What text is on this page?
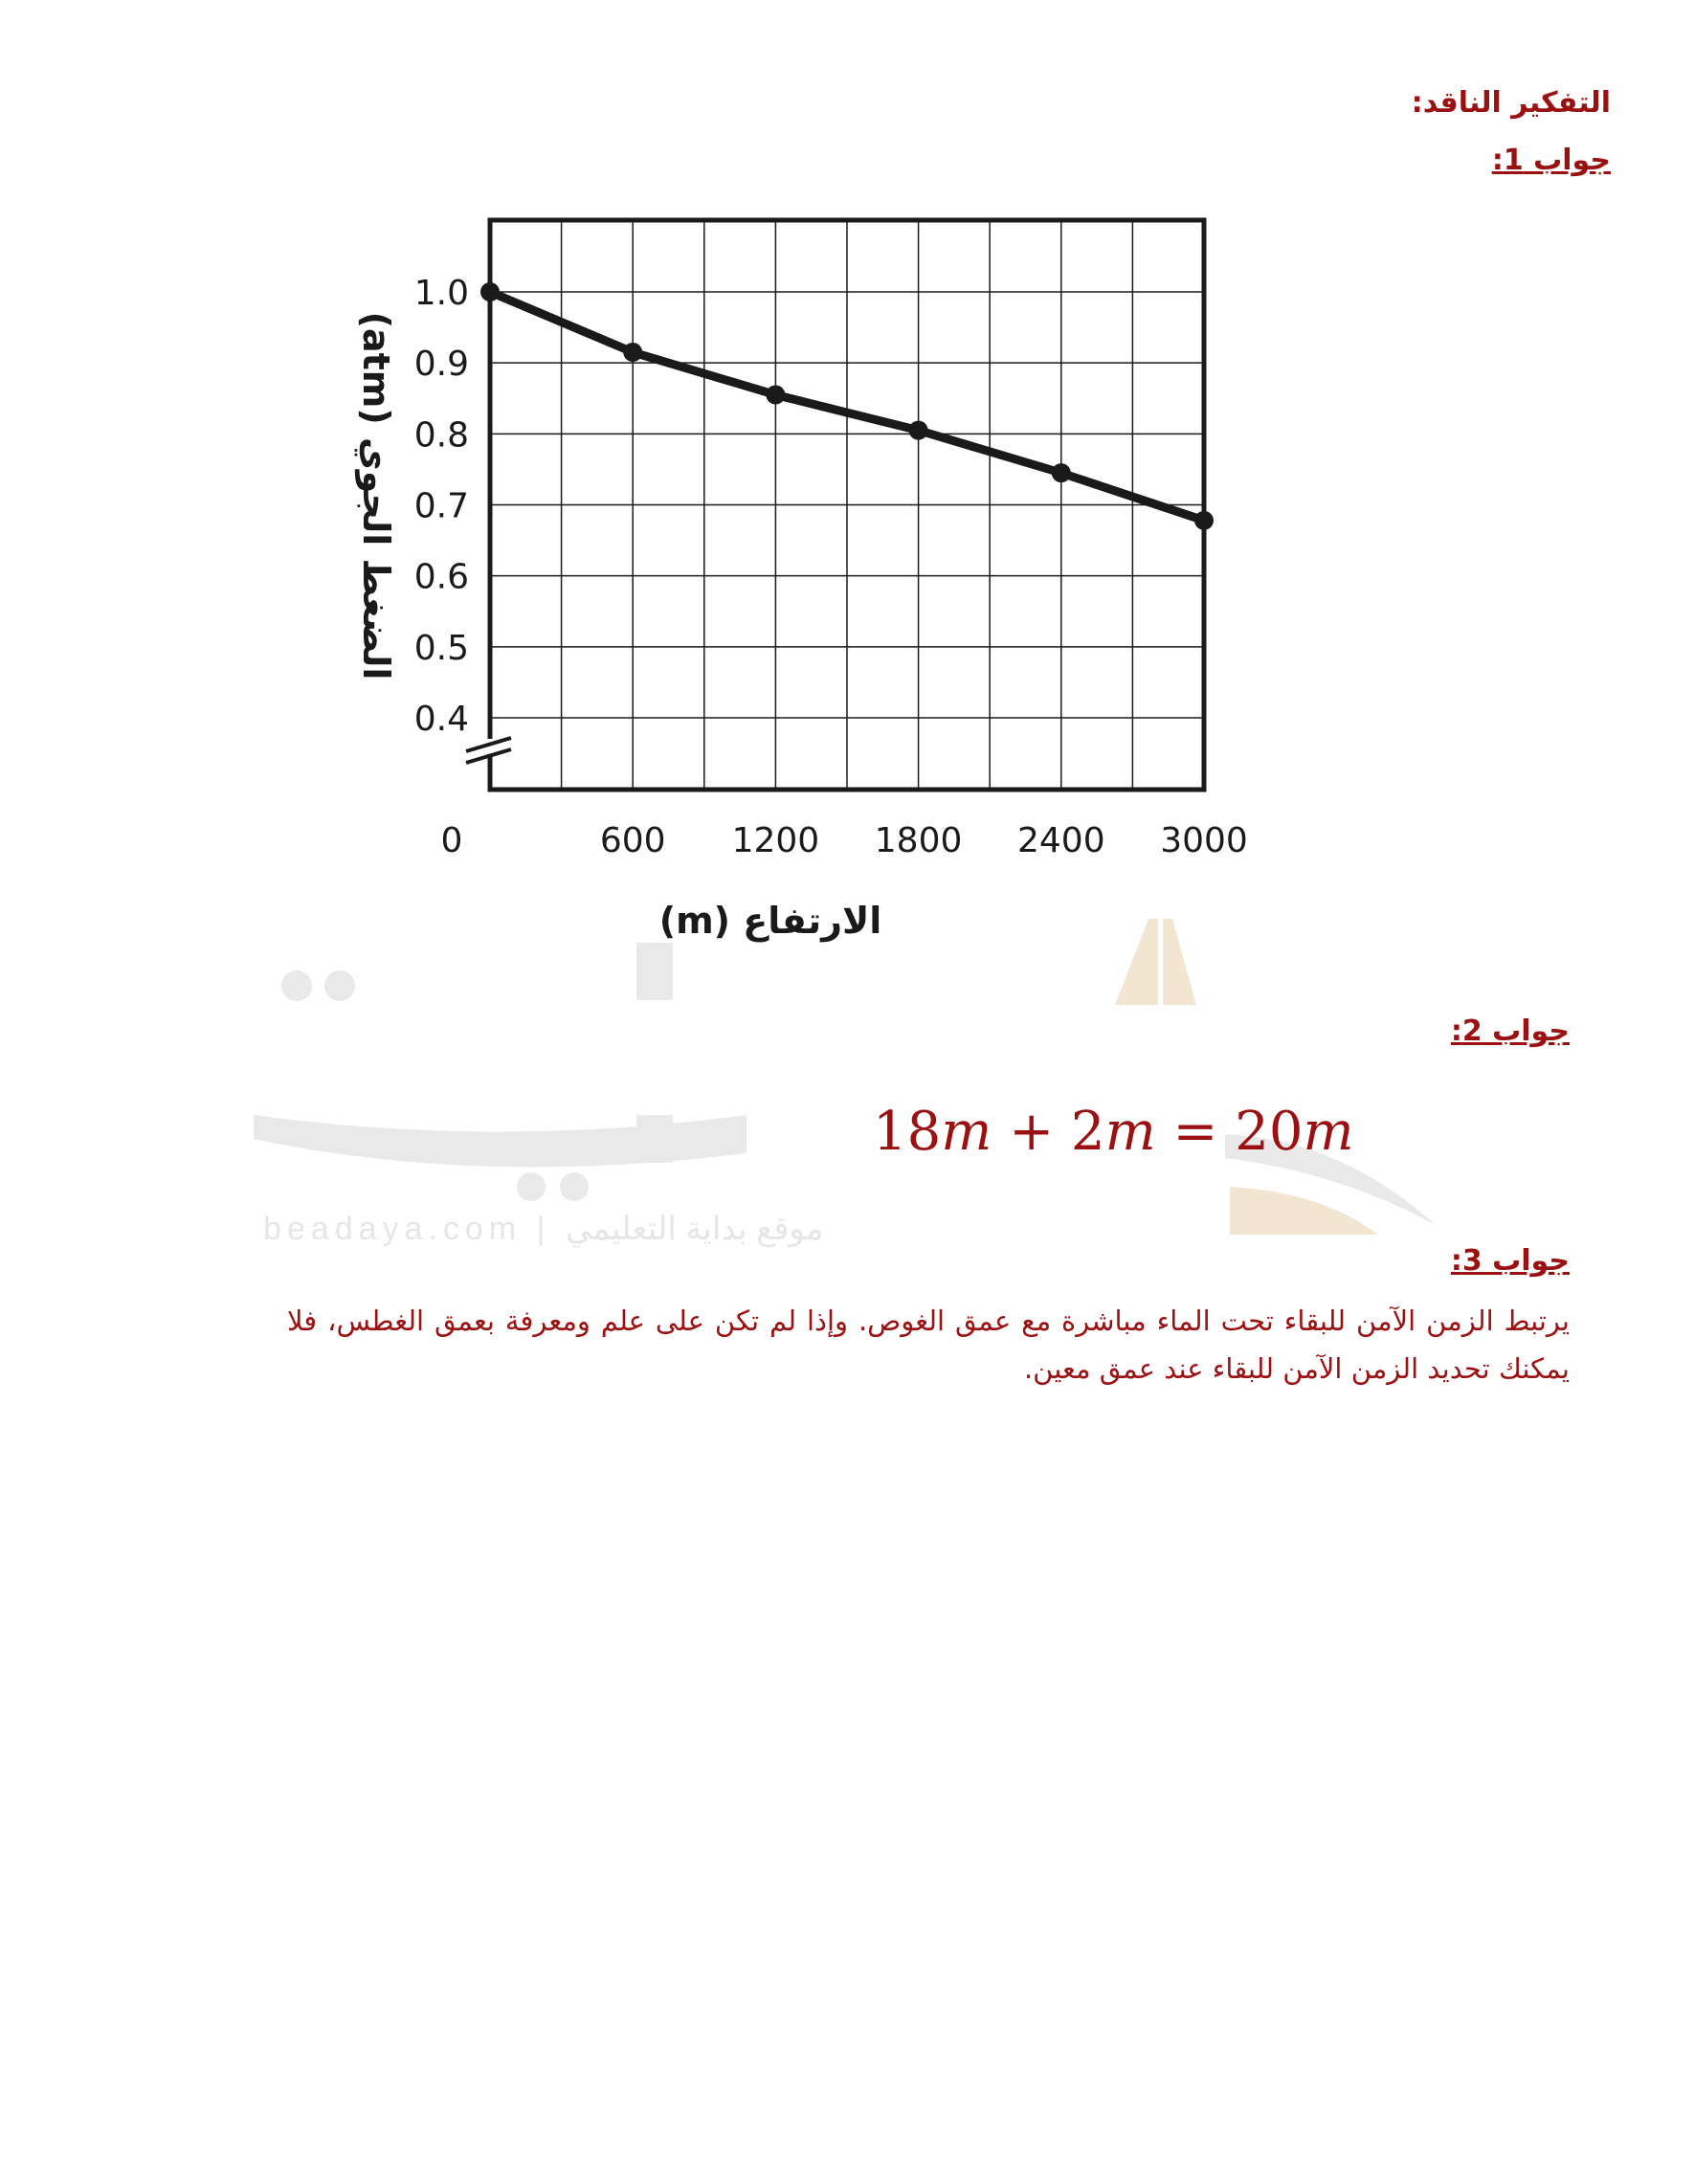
beadaya.com | موقع بداية التعليمي
التفكير الناقد:
جواب 1:
1.0
0.9
0.8
0.7
0.6
0.5
0.4
0	600 1200 1800 2400 3000
الارتفاع (m)
الضغط الجوي (atm)
جواب 2:
18m + 2m = 20m
جواب 3:
يرتبط الزمن الآمن للبقاء تحت الماء مباشرة مع عمق الغوص. وإذا لم تكن على علم ومعرفة بعمق الغطس، فلا يمكنك تحديد الزمن الآمن للبقاء عند عمق معين.
